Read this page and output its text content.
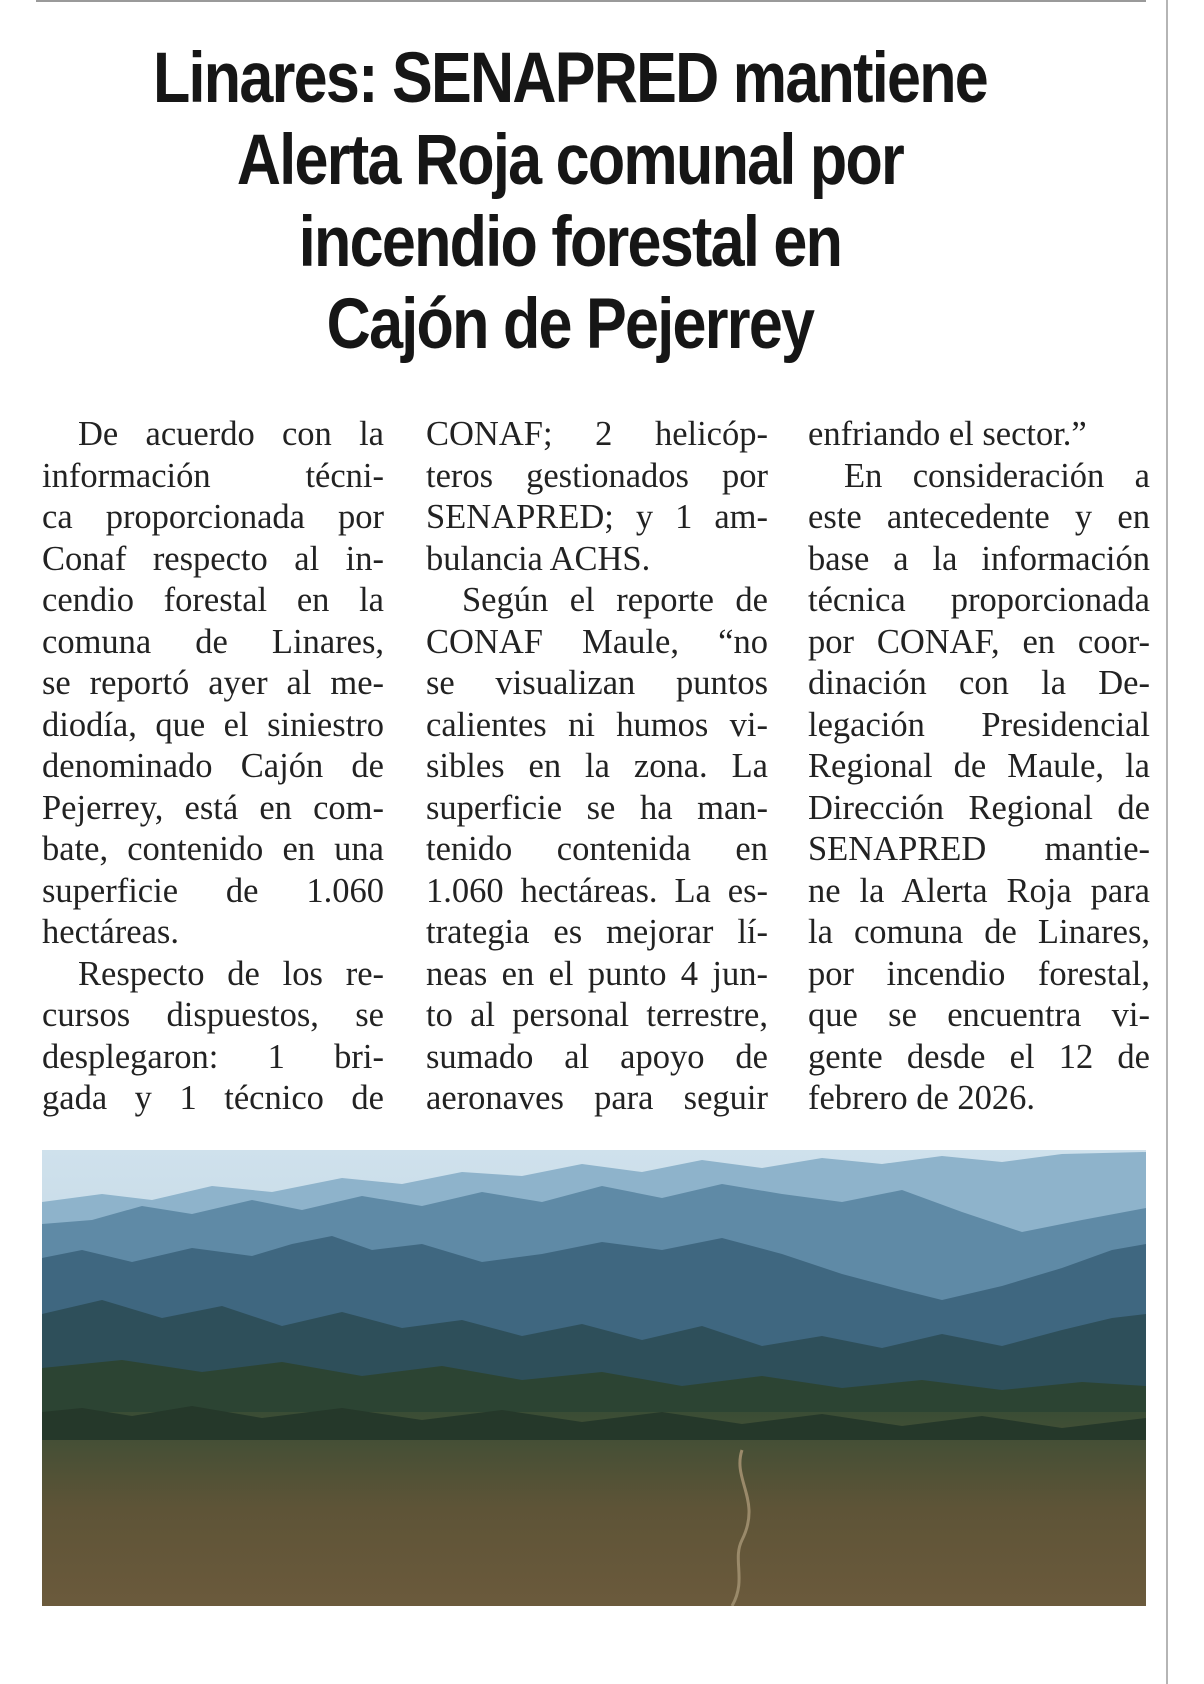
Linares: SENAPRED mantiene
Alerta Roja comunal por
incendio forestal en
Cajón de Pejerrey
De acuerdo con la
información técni-
ca proporcionada por
Conaf respecto al in-
cendio forestal en la
comuna de Linares,
se reportó ayer al me-
diodía, que el siniestro
denominado Cajón de
Pejerrey, está en com-
bate, contenido en una
superficie de 1.060
hectáreas.
Respecto de los re-
cursos dispuestos, se
desplegaron: 1 bri-
gada y 1 técnico de
CONAF; 2 helicóp-
teros gestionados por
SENAPRED; y 1 am-
bulancia ACHS.
Según el reporte de
CONAF Maule, “no
se visualizan puntos
calientes ni humos vi-
sibles en la zona. La
superficie se ha man-
tenido contenida en
1.060 hectáreas. La es-
trategia es mejorar lí-
neas en el punto 4 jun-
to al personal terrestre,
sumado al apoyo de
aeronaves para seguir
enfriando el sector.”
En consideración a
este antecedente y en
base a la información
técnica proporcionada
por CONAF, en coor-
dinación con la De-
legación Presidencial
Regional de Maule, la
Dirección Regional de
SENAPRED mantie-
ne la Alerta Roja para
la comuna de Linares,
por incendio forestal,
que se encuentra vi-
gente desde el 12 de
febrero de 2026.
